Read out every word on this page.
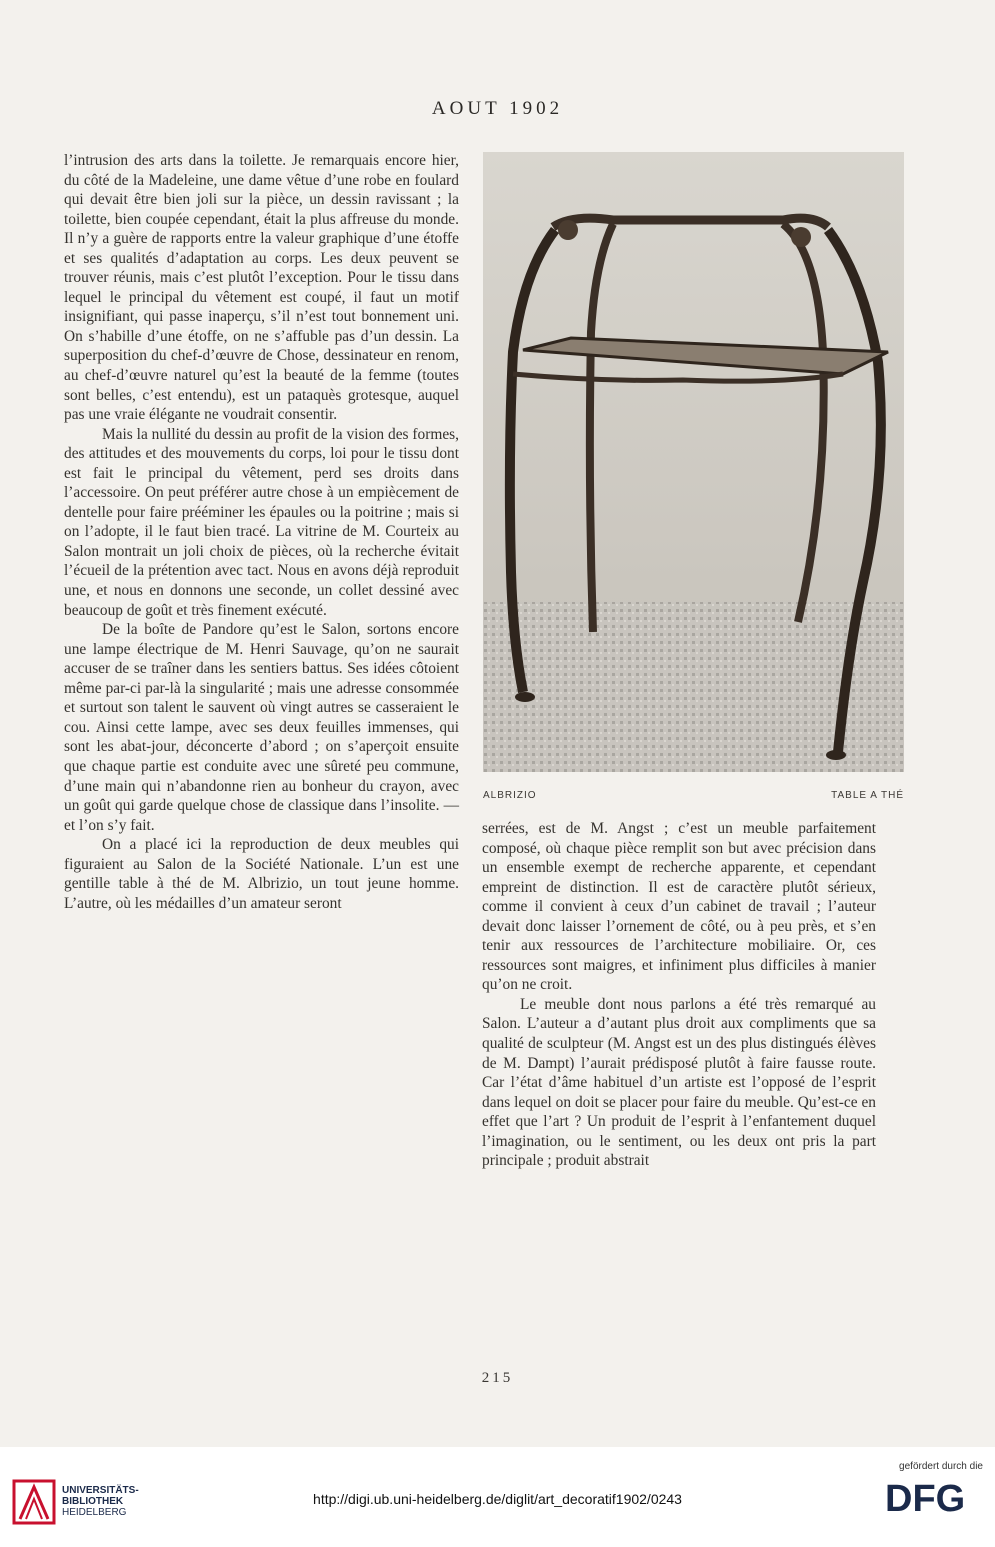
AOUT 1902

l’intrusion des arts dans la toilette. Je remarquais encore hier, du côté de la Madeleine, une dame vêtue d’une robe en foulard qui devait être bien joli sur la pièce, un dessin ravissant ; la toilette, bien coupée cependant, était la plus affreuse du monde. Il n’y a guère de rapports entre la valeur graphique d’une étoffe et ses qualités d’adaptation au corps. Les deux peuvent se trouver réunis, mais c’est plutôt l’exception. Pour le tissu dans lequel le principal du vêtement est coupé, il faut un motif insignifiant, qui passe inaperçu, s’il n’est tout bonnement uni. On s’habille d’une étoffe, on ne s’affuble pas d’un dessin. La superposition du chef-d’œuvre de Chose, dessinateur en renom, au chef-d’œuvre naturel qu’est la beauté de la femme (toutes sont belles, c’est entendu), est un pataquès grotesque, auquel pas une vraie élégante ne voudrait consentir.

Mais la nullité du dessin au profit de la vision des formes, des attitudes et des mouvements du corps, loi pour le tissu dont est fait le principal du vêtement, perd ses droits dans l’accessoire. On peut préférer autre chose à un empiècement de dentelle pour faire prééminer les épaules ou la poitrine ; mais si on l’adopte, il le faut bien tracé. La vitrine de M. Courteix au Salon montrait un joli choix de pièces, où la recherche évitait l’écueil de la prétention avec tact. Nous en avons déjà reproduit une, et nous en donnons une seconde, un collet dessiné avec beaucoup de goût et très finement exécuté.

De la boîte de Pandore qu’est le Salon, sortons encore une lampe électrique de M. Henri Sauvage, qu’on ne saurait accuser de se traîner dans les sentiers battus. Ses idées côtoient même par-ci par-là la singularité ; mais une adresse consommée et surtout son talent le sauvent où vingt autres se casseraient le cou. Ainsi cette lampe, avec ses deux feuilles immenses, qui sont les abat-jour, déconcerte d’abord ; on s’aperçoit ensuite que chaque partie est conduite avec une sûreté peu commune, d’une main qui n’abandonne rien au bonheur du crayon, avec un goût qui garde quelque chose de classique dans l’insolite. — et l’on s’y fait.

On a placé ici la reproduction de deux meubles qui figuraient au Salon de la Société Nationale. L’un est une gentille table à thé de M. Albrizio, un tout jeune homme. L’autre, où les médailles d’un amateur seront

ALBRIZIO	TABLE A THÉ

serrées, est de M. Angst ; c’est un meuble parfaitement composé, où chaque pièce remplit son but avec précision dans un ensemble exempt de recherche apparente, et cependant empreint de distinction. Il est de caractère plutôt sérieux, comme il convient à ceux d’un cabinet de travail ; l’auteur devait donc laisser l’ornement de côté, ou à peu près, et s’en tenir aux ressources de l’architecture mobiliaire. Or, ces ressources sont maigres, et infiniment plus difficiles à manier qu’on ne croit.

Le meuble dont nous parlons a été très remarqué au Salon. L’auteur a d’autant plus droit aux compliments que sa qualité de sculpteur (M. Angst est un des plus distingués élèves de M. Dampt) l’aurait prédisposé plutôt à faire fausse route. Car l’état d’âme habituel d’un artiste est l’opposé de l’esprit dans lequel on doit se placer pour faire du meuble. Qu’est-ce en effet que l’art ? Un produit de l’esprit à l’enfantement duquel l’imagination, ou le sentiment, ou les deux ont pris la part principale ; produit abstrait

215
UNIVERSITÄTS-
BIBLIOTHEK
HEIDELBERG
http://digi.ub.uni-heidelberg.de/diglit/art_decoratif1902/0243
gefördert durch die
DFG
